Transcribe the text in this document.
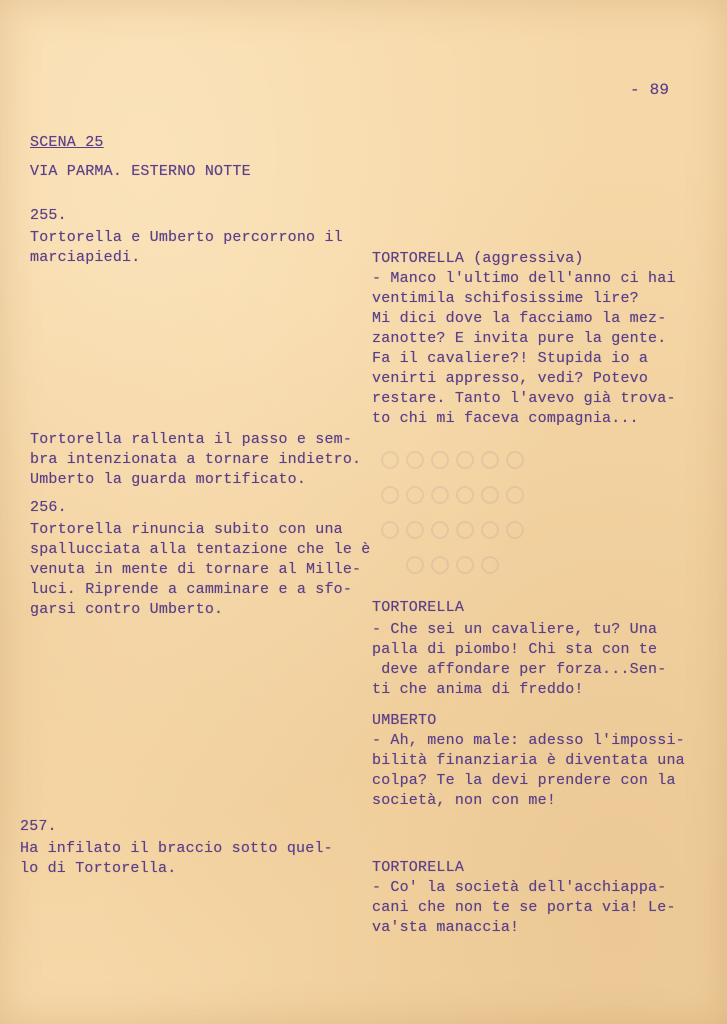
- 89
SCENA 25
VIA PARMA. ESTERNO NOTTE
255.
Tortorella e Umberto percorrono il
marciapiedi.	TORTORELLA (aggressiva)
- Manco l'ultimo dell'anno ci hai
ventimila schifosissime lire?
Mi dici dove la facciamo la mez-
zanotte? E invita pure la gente.
Fa il cavaliere?! Stupida io a
venirti appresso, vedi? Potevo
restare. Tanto l'avevo già trova-
to chi mi faceva compagnia...
Tortorella rallenta il passo e sem-
bra intenzionata a tornare indietro.
Umberto la guarda mortificato.
256.
Tortorella rinuncia subito con una
spallucciata alla tentazione che le è
venuta in mente di tornare al Mille-
luci. Riprende a camminare e a sfo-
garsi contro Umberto.	TORTORELLA
- Che sei un cavaliere, tu? Una
palla di piombo! Chi sta con te
deve affondare per forza...Sen-
ti che anima di freddo!
UMBERTO
- Ah, meno male: adesso l'impossi-
bilità finanziaria è diventata una
colpa? Te la devi prendere con la
società, non con me!
257.
Ha infilato il braccio sotto quel-
lo di Tortorella.	TORTORELLA
- Co' la società dell'acchiappa-
cani che non te se porta via! Le-
va'sta manaccia!
